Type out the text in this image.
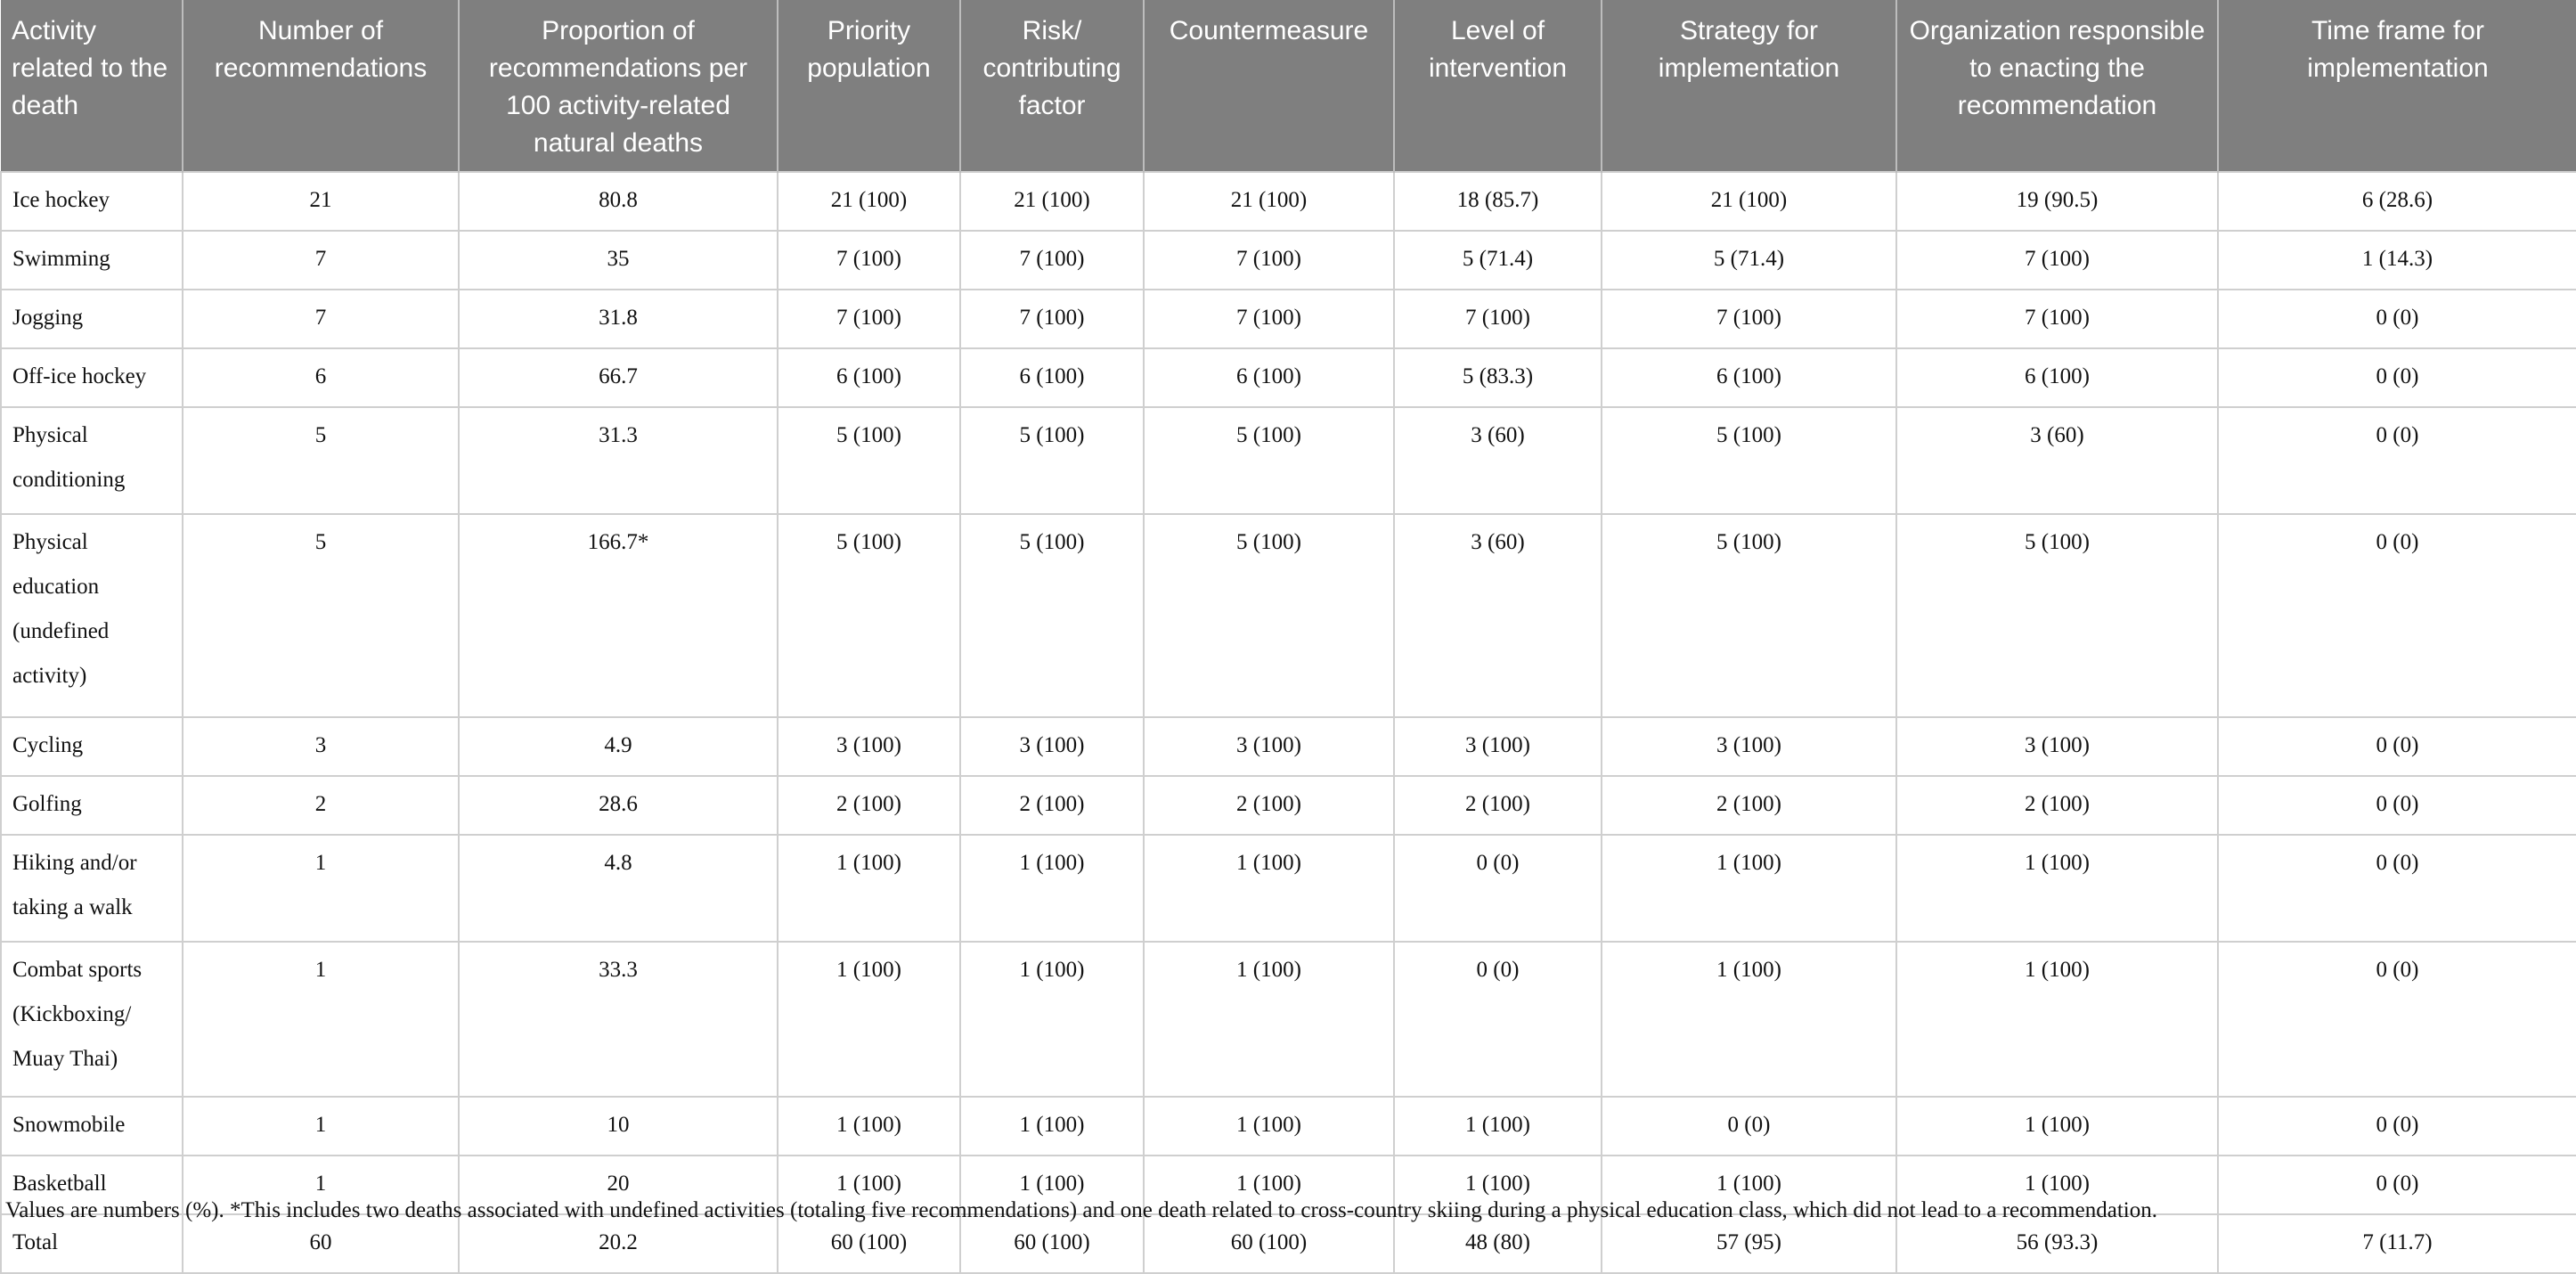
Activity related to the death	Number of recommendations	Proportion of recommendations per 100 activity-related natural deaths	Priority population	Risk/ contributing factor	Countermeasure	Level of intervention	Strategy for implementation	Organization responsible to enacting the recommendation	Time frame for implementation
Ice hockey	21	80.8	21 (100)	21 (100)	21 (100)	18 (85.7)	21 (100)	19 (90.5)	6 (28.6)
Swimming	7	35	7 (100)	7 (100)	7 (100)	5 (71.4)	5 (71.4)	7 (100)	1 (14.3)
Jogging	7	31.8	7 (100)	7 (100)	7 (100)	7 (100)	7 (100)	7 (100)	0 (0)
Off-ice hockey	6	66.7	6 (100)	6 (100)	6 (100)	5 (83.3)	6 (100)	6 (100)	0 (0)
Physical conditioning	5	31.3	5 (100)	5 (100)	5 (100)	3 (60)	5 (100)	3 (60)	0 (0)
Physical education (undefined activity)	5	166.7*	5 (100)	5 (100)	5 (100)	3 (60)	5 (100)	5 (100)	0 (0)
Cycling	3	4.9	3 (100)	3 (100)	3 (100)	3 (100)	3 (100)	3 (100)	0 (0)
Golfing	2	28.6	2 (100)	2 (100)	2 (100)	2 (100)	2 (100)	2 (100)	0 (0)
Hiking and/or taking a walk	1	4.8	1 (100)	1 (100)	1 (100)	0 (0)	1 (100)	1 (100)	0 (0)
Combat sports (Kickboxing/ Muay Thai)	1	33.3	1 (100)	1 (100)	1 (100)	0 (0)	1 (100)	1 (100)	0 (0)
Snowmobile	1	10	1 (100)	1 (100)	1 (100)	1 (100)	0 (0)	1 (100)	0 (0)
Basketball	1	20	1 (100)	1 (100)	1 (100)	1 (100)	1 (100)	1 (100)	0 (0)
Total	60	20.2	60 (100)	60 (100)	60 (100)	48 (80)	57 (95)	56 (93.3)	7 (11.7)
Values are numbers (%). *This includes two deaths associated with undefined activities (totaling five recommendations) and one death related to cross-country skiing during a physical education class, which did not lead to a recommendation.
